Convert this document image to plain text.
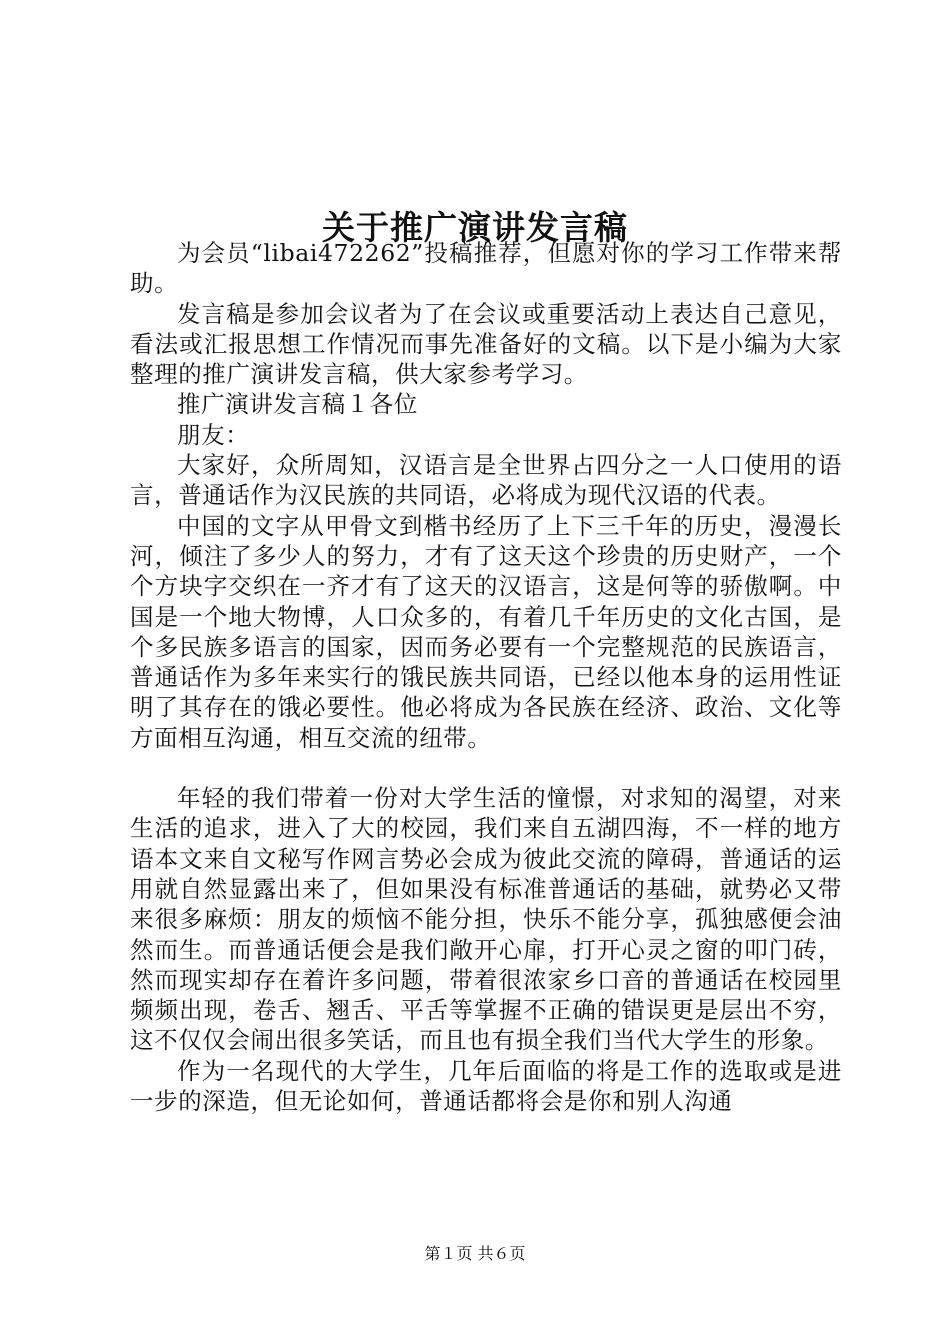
关于推广演讲发言稿

为会员“libai472262”投稿推荐，但愿对你的学习工作带来帮助。

发言稿是参加会议者为了在会议或重要活动上表达自己意见，看法或汇报思想工作情况而事先准备好的文稿。以下是小编为大家整理的推广演讲发言稿，供大家参考学习。

推广演讲发言稿１各位

朋友：

大家好，众所周知，汉语言是全世界占四分之一人口使用的语言，普通话作为汉民族的共同语，必将成为现代汉语的代表。

中国的文字从甲骨文到楷书经历了上下三千年的历史，漫漫长河，倾注了多少人的努力，才有了这天这个珍贵的历史财产，一个个方块字交织在一齐才有了这天的汉语言，这是何等的骄傲啊。中国是一个地大物博，人口众多的，有着几千年历史的文化古国，是个多民族多语言的国家，因而务必要有一个完整规范的民族语言，普通话作为多年来实行的饿民族共同语，已经以他本身的运用性证明了其存在的饿必要性。他必将成为各民族在经济、政治、文化等方面相互沟通，相互交流的纽带。

年轻的我们带着一份对大学生活的憧憬，对求知的渴望，对来生活的追求，进入了大的校园，我们来自五湖四海，不一样的地方语本文来自文秘写作网言势必会成为彼此交流的障碍，普通话的运用就自然显露出来了，但如果没有标准普通话的基础，就势必又带来很多麻烦：朋友的烦恼不能分担，快乐不能分享，孤独感便会油然而生。而普通话便会是我们敞开心扉，打开心灵之窗的叩门砖，然而现实却存在着许多问题，带着很浓家乡口音的普通话在校园里频频出现，卷舌、翘舌、平舌等掌握不正确的错误更是层出不穷，这不仅仅会闹出很多笑话，而且也有损全我们当代大学生的形象。

作为一名现代的大学生，几年后面临的将是工作的选取或是进一步的深造，但无论如何，普通话都将会是你和别人沟通

第１页 共６页
